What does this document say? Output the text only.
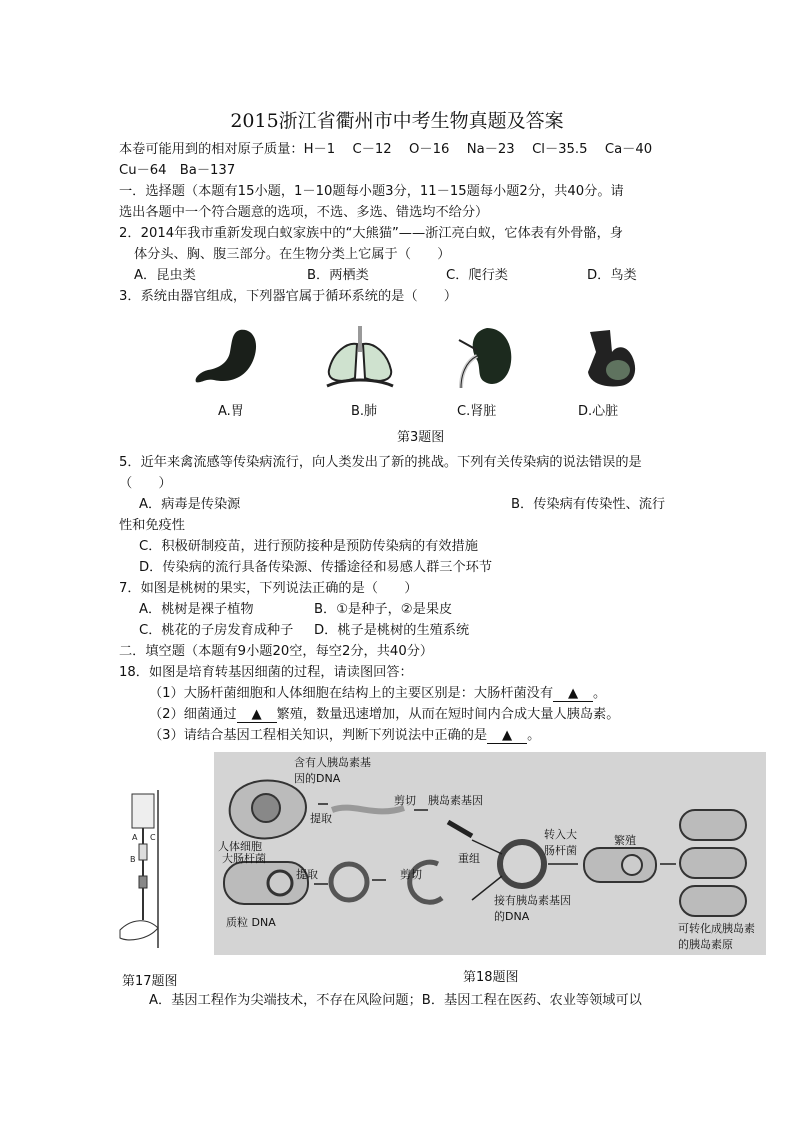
2015浙江省衢州市中考生物真题及答案
本卷可能用到的相对原子质量：H－1　 C－12　 O－16　 Na－23　 Cl－35.5　 Ca－40
Cu－64　Ba－137
一．选择题（本题有15小题，1－10题每小题3分，11－15题每小题2分，共40分。请
选出各题中一个符合题意的选项，不选、多选、错选均不给分）
2．2014年我市重新发现白蚁家族中的“大熊猫”——浙江亮白蚁，它体表有外骨骼，身
体分头、胸、腹三部分。在生物分类上它属于（　　）
A．昆虫类	B．两栖类	C．爬行类	D．鸟类
3．系统由器官组成，下列器官属于循环系统的是（　　）
A.胃	B.肺	C.肾脏	D.心脏
第3题图
5．近年来禽流感等传染病流行，向人类发出了新的挑战。下列有关传染病的说法错误的是
（　　）
A．病毒是传染源	B．传染病有传染性、流行
性和免疫性
C．积极研制疫苗，进行预防接种是预防传染病的有效措施
D．传染病的流行具备传染源、传播途径和易感人群三个环节
7．如图是桃树的果实，下列说法正确的是（　　）
A．桃树是裸子植物	B．①是种子，②是果皮
C．桃花的子房发育成种子 D．桃子是桃树的生殖系统
二．填空题（本题有9小题20空，每空2分，共40分）
18．如图是培育转基因细菌的过程，请读图回答：
（1）大肠杆菌细胞和人体细胞在结构上的主要区别是：大肠杆菌没有 ▲ 。
（2）细菌通过 ▲ 繁殖，数量迅速增加，从而在短时间内合成大量人胰岛素。
（3）请结合基因工程相关知识，判断下列说法中正确的是 ▲ 。
A
B
C
含有人胰岛素基因的DNA
提取
人体细胞
剪切 胰岛素基因
大肠杆菌
提取	剪切
质粒 DNA
重组
转入大肠杆菌
接有胰岛素基因的DNA
繁殖
可转化成胰岛素的胰岛素原
第17题图	第18题图
A．基因工程作为尖端技术，不存在风险问题；B．基因工程在医药、农业等领域可以
